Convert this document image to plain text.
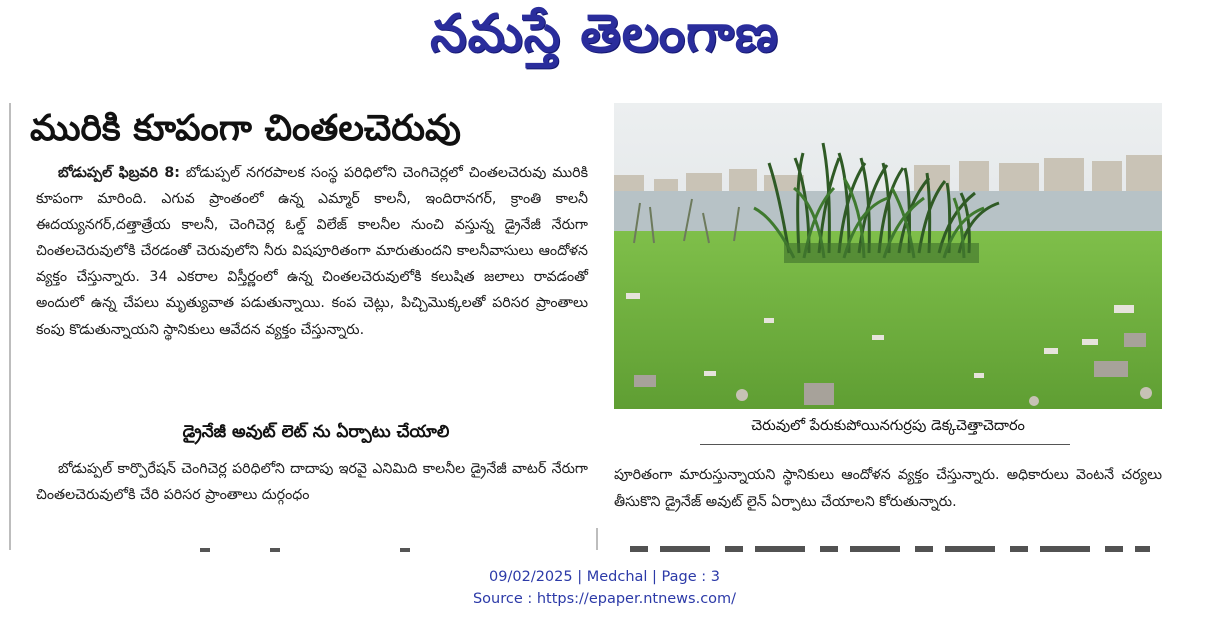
నమస్తే తెలంగాణ
మురికి కూపంగా చింతలచెరువు

బోడుప్పల్ ఫిబ్రవరి 8: బోడుప్పల్ నగరపాలక సంస్థ పరిధిలోని చెంగిచెర్లలో చింతలచెరువు మురికి కూపంగా మారింది. ఎగువ ప్రాంతంలో ఉన్న ఎమ్మార్ కాలనీ, ఇందిరానగర్, క్రాంతి కాలనీ ఈదయ్యనగర్,దత్తాత్రేయ కాలనీ, చెంగిచెర్ల ఓల్డ్ విలేజ్ కాలనీల నుంచి వస్తున్న డ్రైనేజీ నేరుగా చింతలచెరువులోకి చేరడంతో చెరువులోని నీరు విషపూరితంగా మారుతుందని కాలనీవాసులు ఆందోళన వ్యక్తం చేస్తున్నారు. 34 ఎకరాల విస్తీర్ణంలో ఉన్న చింతలచెరువులోకి కలుషిత జలాలు రావడంతో అందులో ఉన్న చేపలు మృత్యువాత పడుతున్నాయి. కంప చెట్లు, పిచ్చిమొక్కలతో పరిసర ప్రాంతాలు కంపు కొడుతున్నాయని స్థానికులు ఆవేదన వ్యక్తం చేస్తున్నారు.

డ్రైనేజీ అవుట్ లెట్ ను ఏర్పాటు చేయాలి

బోడుప్పల్ కార్పొరేషన్ చెంగిచెర్ల పరిధిలోని దాదాపు ఇరవై ఎనిమిది కాలనీల డ్రైనేజీ వాటర్ నేరుగా చింతలచెరువులోకి చేరి పరిసర ప్రాంతాలు దుర్గంధం

చెరువులో పేరుకుపోయినగుర్రపు డెక్కచెత్తాచెదారం
పూరితంగా మారుస్తున్నాయని స్థానికులు ఆందోళన వ్యక్తం చేస్తున్నారు. అధికారులు వెంటనే చర్యలు తీసుకొని డ్రైనేజ్ అవుట్ లైన్ ఏర్పాటు చేయాలని కోరుతున్నారు.
09/02/2025 | Medchal | Page : 3
Source : https://epaper.ntnews.com/
